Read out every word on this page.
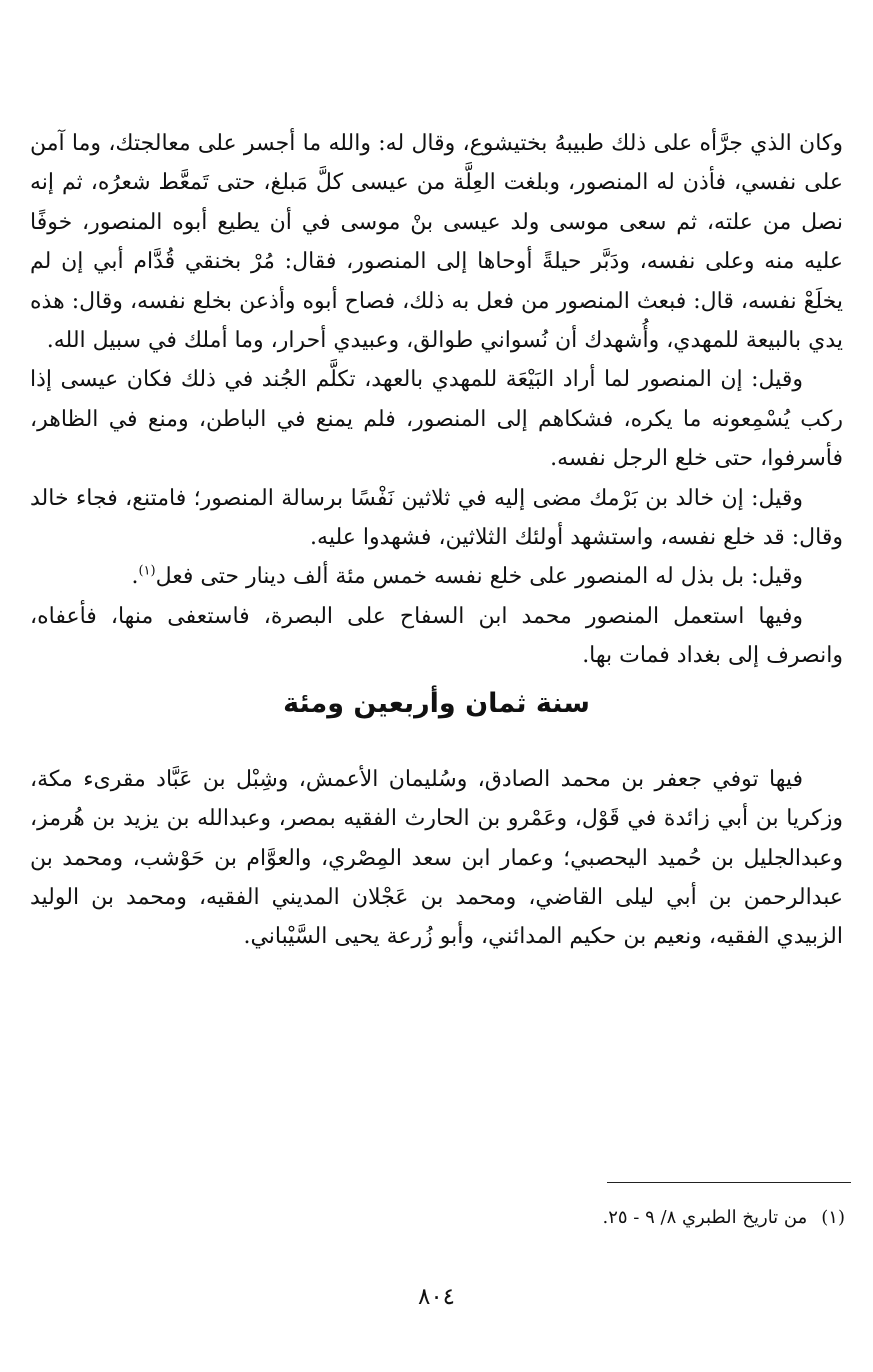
وكان الذي جرَّأه على ذلك طبيبهُ بختيشوع، وقال له: والله ما أجسر على معالجتك، وما آمن على نفسي، فأذن له المنصور، وبلغت العِلَّة من عيسى كلَّ مَبلغ، حتى تَمعَّط شعرُه، ثم إنه نصل من علته، ثم سعى موسى ولد عيسى بنْ موسى في أن يطيع أبوه المنصور، خوفًا عليه منه وعلى نفسه، ودَبَّر حيلةً أوحاها إلى المنصور، فقال: مُرْ بخنقي قُدَّام أبي إن لم يخلَعْ نفسه، قال: فبعث المنصور من فعل به ذلك، فصاح أبوه وأذعن بخلع نفسه، وقال: هذه يدي بالبيعة للمهدي، وأُشهدك أن نُسواني طوالق، وعبيدي أحرار، وما أملك في سبيل الله.

وقيل: إن المنصور لما أراد البَيْعَة للمهدي بالعهد، تكلَّم الجُند في ذلك فكان عيسى إذا ركب يُسْمِعونه ما يكره، فشكاهم إلى المنصور، فلم يمنع في الباطن، ومنع في الظاهر، فأسرفوا، حتى خلع الرجل نفسه.

وقيل: إن خالد بن بَرْمك مضى إليه في ثلاثين نَفْسًا برسالة المنصور؛ فامتنع، فجاء خالد وقال: قد خلع نفسه، واستشهد أولئك الثلاثين، فشهدوا عليه.

وقيل: بل بذل له المنصور على خلع نفسه خمس مئة ألف دينار حتى فعل$^{(١)}$.

وفيها استعمل المنصور محمد ابن السفاح على البصرة، فاستعفى منها، فأعفاه، وانصرف إلى بغداد فمات بها.

سنة ثمان وأربعين ومئة

فيها توفي جعفر بن محمد الصادق، وسُليمان الأعمش، وشِبْل بن عَبَّاد مقرىء مكة، وزكريا بن أبي زائدة في قَوْل، وعَمْرو بن الحارث الفقيه بمصر، وعبدالله بن يزيد بن هُرمز، وعبدالجليل بن حُميد اليحصبي؛ وعمار ابن سعد المِصْري، والعوَّام بن حَوْشب، ومحمد بن عبدالرحمن بن أبي ليلى القاضي، ومحمد بن عَجْلان المديني الفقيه، ومحمد بن الوليد الزبيدي الفقيه، ونعيم بن حكيم المدائني، وأبو زُرعة يحيى السَّيْباني.

(١)من تاريخ الطبري ٨/ ٩ - ٢٥.
٨٠٤
